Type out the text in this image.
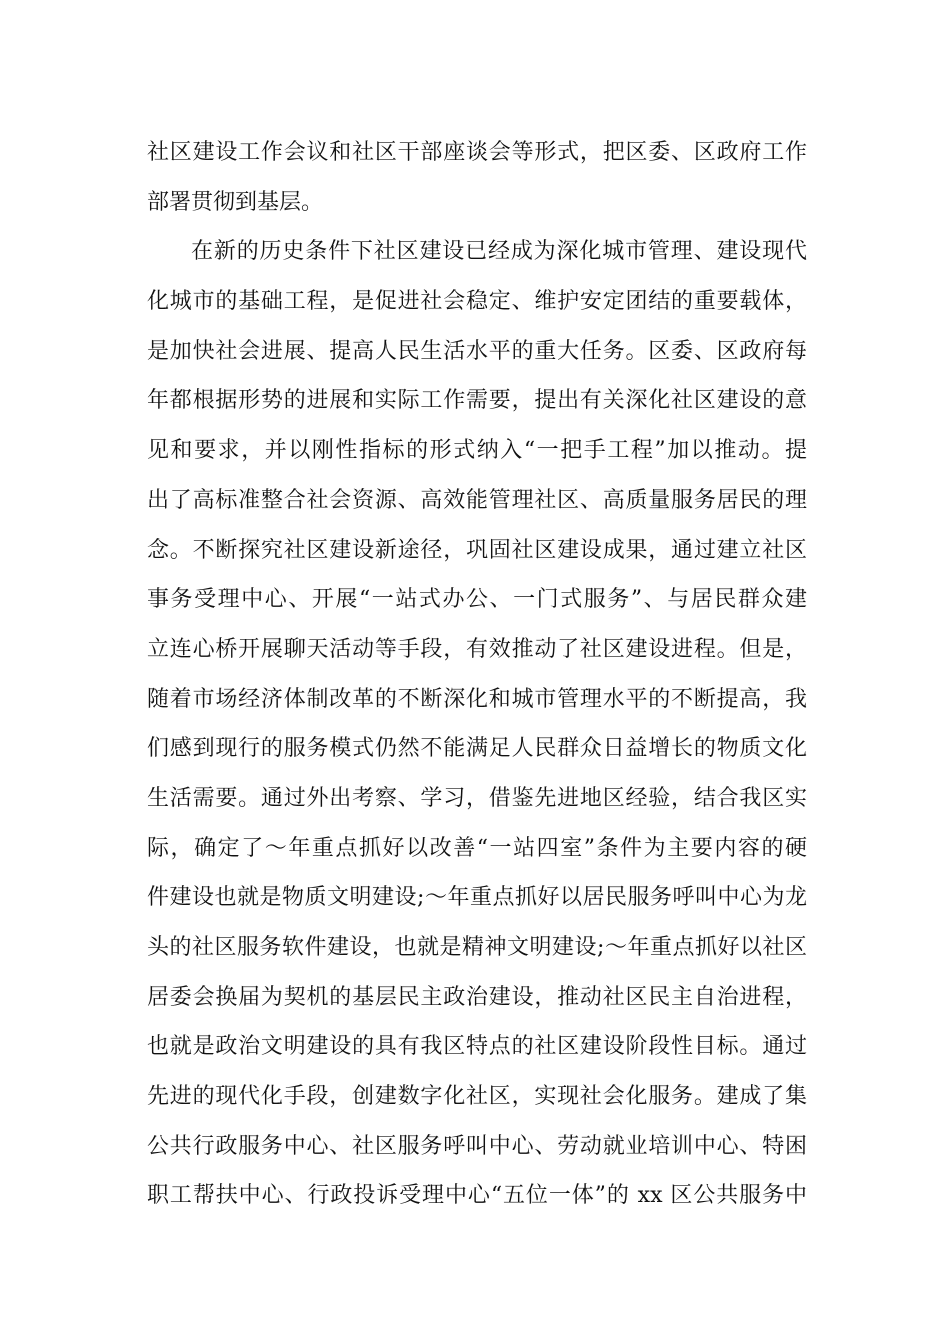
社区建设工作会议和社区干部座谈会等形式，把区委、区政府工作
部署贯彻到基层。
在新的历史条件下社区建设已经成为深化城市管理、建设现代
化城市的基础工程，是促进社会稳定、维护安定团结的重要载体，
是加快社会进展、提高人民生活水平的重大任务。区委、区政府每
年都根据形势的进展和实际工作需要，提出有关深化社区建设的意
见和要求，并以刚性指标的形式纳入“一把手工程”加以推动。提
出了高标准整合社会资源、高效能管理社区、高质量服务居民的理
念。不断探究社区建设新途径，巩固社区建设成果，通过建立社区
事务受理中心、开展“一站式办公、一门式服务”、与居民群众建
立连心桥开展聊天活动等手段，有效推动了社区建设进程。但是，
随着市场经济体制改革的不断深化和城市管理水平的不断提高，我
们感到现行的服务模式仍然不能满足人民群众日益增长的物质文化
生活需要。通过外出考察、学习，借鉴先进地区经验，结合我区实
际，确定了～年重点抓好以改善“一站四室”条件为主要内容的硬
件建设也就是物质文明建设;～年重点抓好以居民服务呼叫中心为龙
头的社区服务软件建设，也就是精神文明建设;～年重点抓好以社区
居委会换届为契机的基层民主政治建设，推动社区民主自治进程，
也就是政治文明建设的具有我区特点的社区建设阶段性目标。通过
先进的现代化手段，创建数字化社区，实现社会化服务。建成了集
公共行政服务中心、社区服务呼叫中心、劳动就业培训中心、特困
职工帮扶中心、行政投诉受理中心“五位一体”的 xx 区公共服务中
